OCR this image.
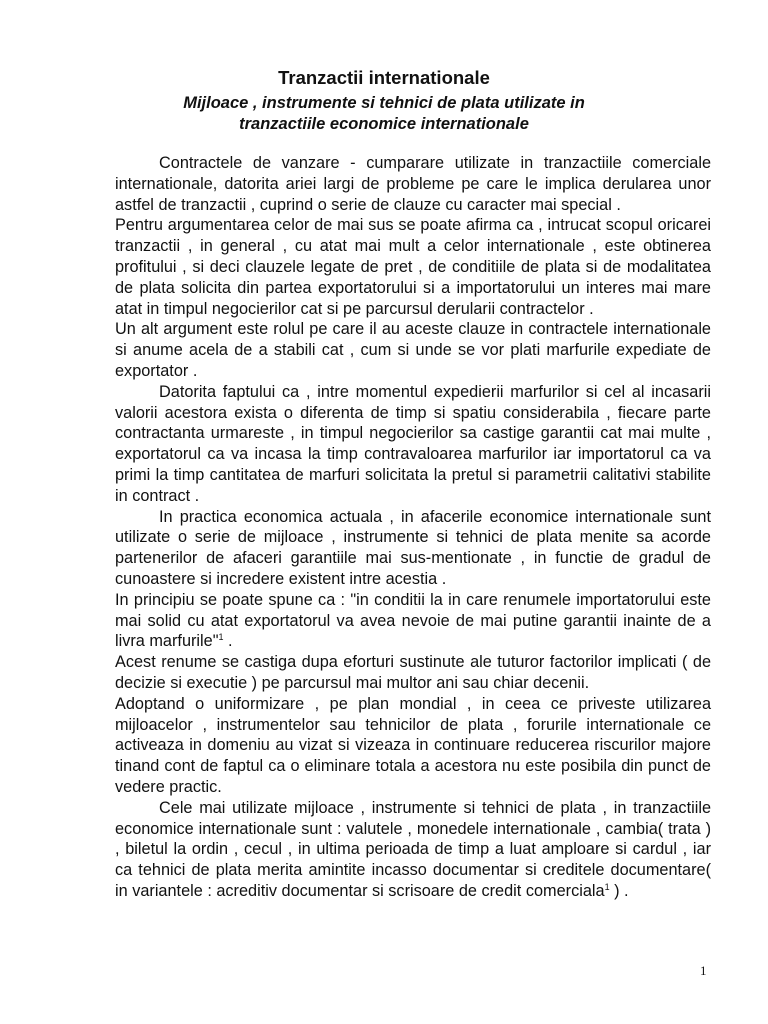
Tranzactii internationale
Mijloace , instrumente si tehnici de plata utilizate in
tranzactiile economice internationale

Contractele de vanzare - cumparare utilizate in tranzactiile comerciale internationale, datorita ariei largi de probleme pe care le implica derularea unor astfel de tranzactii , cuprind o serie de clauze cu caracter mai special .

Pentru argumentarea celor de mai sus se poate afirma ca , intrucat scopul oricarei tranzactii , in general , cu atat mai mult a celor internationale , este obtinerea profitului , si deci clauzele legate de pret , de conditiile de plata si de modalitatea de plata solicita din partea exportatorului si a importatorului un interes mai mare atat in timpul negocierilor cat si pe parcursul derularii contractelor .

Un alt argument este rolul pe care il au aceste clauze in contractele internationale si anume acela de a stabili cat , cum si unde se vor plati marfurile expediate de exportator .

Datorita faptului ca , intre momentul expedierii marfurilor si cel al incasarii valorii acestora exista o diferenta de timp si spatiu considerabila , fiecare parte contractanta urmareste , in timpul negocierilor sa castige garantii cat mai multe , exportatorul ca va incasa la timp contravaloarea marfurilor iar importatorul ca va primi la timp cantitatea de marfuri solicitata la pretul si parametrii calitativi stabilite in contract .

In practica economica actuala , in afacerile economice internationale sunt utilizate o serie de mijloace , instrumente si tehnici de plata menite sa acorde partenerilor de afaceri garantiile mai sus-mentionate , in functie de gradul de cunoastere si incredere existent intre acestia .

In principiu se poate spune ca : "in conditii la in care renumele importatorului este mai solid cu atat exportatorul va avea nevoie de mai putine garantii inainte de a livra marfurile"$^1$ .

Acest renume se castiga dupa eforturi sustinute ale tuturor factorilor implicati ( de decizie si executie ) pe parcursul mai multor ani sau chiar decenii.

Adoptand o uniformizare , pe plan mondial , in ceea ce priveste utilizarea mijloacelor , instrumentelor sau tehnicilor de plata , forurile internationale ce activeaza in domeniu au vizat si vizeaza in continuare reducerea riscurilor majore tinand cont de faptul ca o eliminare totala a acestora nu este posibila din punct de vedere practic.

Cele mai utilizate mijloace , instrumente si tehnici de plata , in tranzactiile economice internationale sunt : valutele , monedele internationale , cambia( trata ) , biletul la ordin , cecul , in ultima perioada de timp a luat amploare si cardul , iar ca tehnici de plata merita amintite incasso documentar si creditele documentare( in variantele : acreditiv documentar si scrisoare de credit comerciala$^1$ ) .

1
